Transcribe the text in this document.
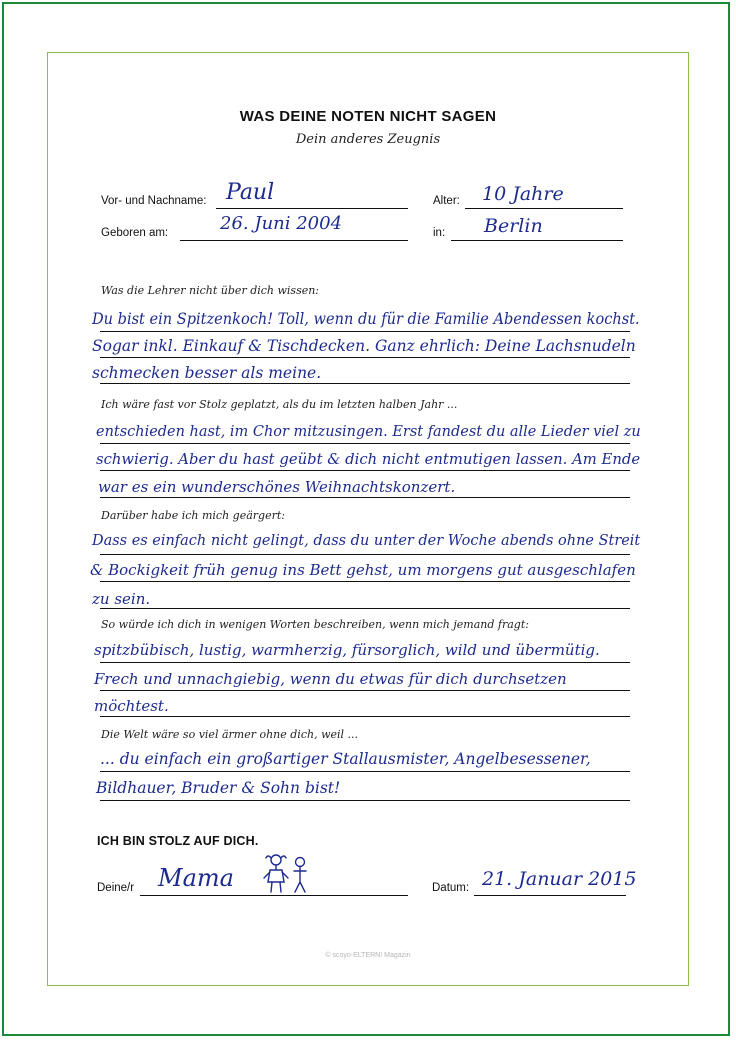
WAS DEINE NOTEN NICHT SAGEN
Dein anderes Zeugnis
Vor- und Nachname: Paul	Alter: 10 Jahre
Geboren am:	26. Juni 2004	in: Berlin
Was die Lehrer nicht über dich wissen:
Du bist ein Spitzenkoch! Toll, wenn du für die Familie Abendessen kochst.
Sogar inkl. Einkauf & Tischdecken. Ganz ehrlich: Deine Lachsnudeln
schmecken besser als meine.
Ich wäre fast vor Stolz geplatzt, als du im letzten halben Jahr ...
entschieden hast, im Chor mitzusingen. Erst fandest du alle Lieder viel zu
schwierig. Aber du hast geübt & dich nicht entmutigen lassen. Am Ende
war es ein wunderschönes Weihnachtskonzert.
Darüber habe ich mich geärgert:
Dass es einfach nicht gelingt, dass du unter der Woche abends ohne Streit
& Bockigkeit früh genug ins Bett gehst, um morgens gut ausgeschlafen
zu sein.
So würde ich dich in wenigen Worten beschreiben, wenn mich jemand fragt:
spitzbübisch, lustig, warmherzig, fürsorglich, wild und übermütig.
Frech und unnachgiebig, wenn du etwas für dich durchsetzen
möchtest.
Die Welt wäre so viel ärmer ohne dich, weil ...
... du einfach ein großartiger Stallausmister, Angelbesessener,
Bildhauer, Bruder & Sohn bist!
ICH BIN STOLZ AUF DICH.
Deine/r Mama	Datum: 21. Januar 2015
© scoyo-ELTERN! Magazin
